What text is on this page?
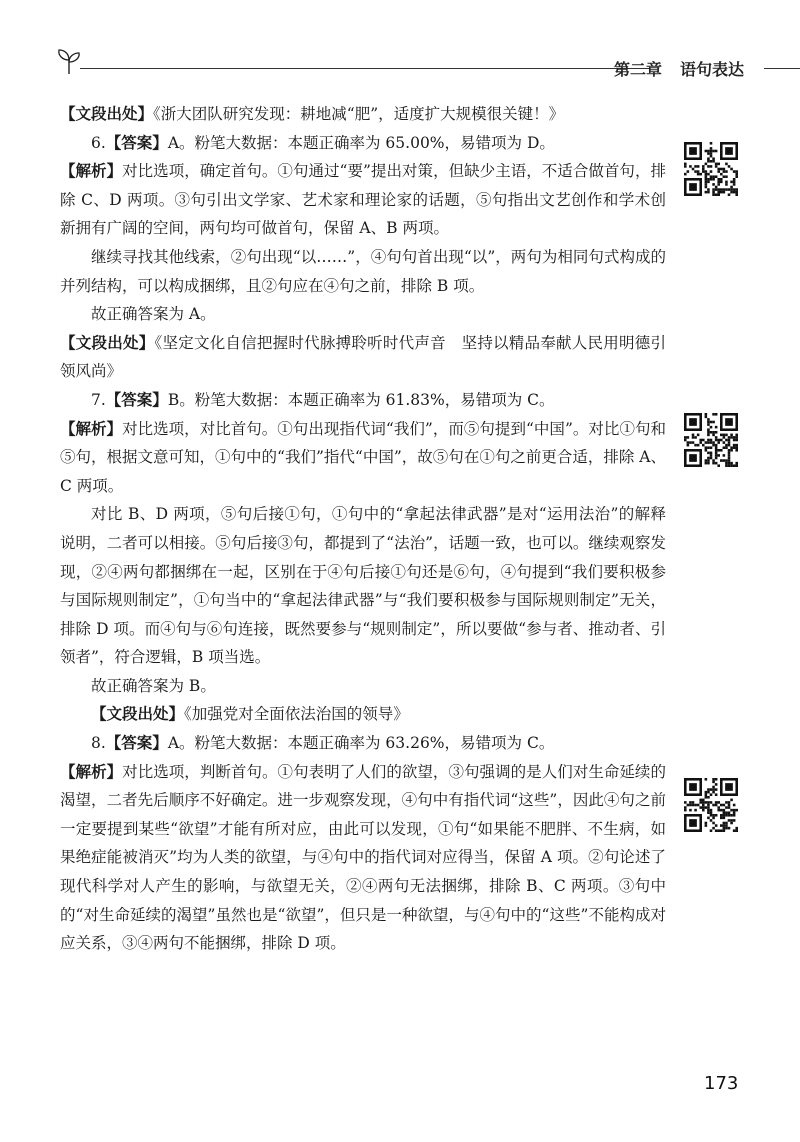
第二章 语句表达

【文段出处】《浙大团队研究发现：耕地减“肥”，适度扩大规模很关键！》

6.【答案】A。粉笔大数据：本题正确率为 65.00%，易错项为 D。

【解析】对比选项，确定首句。①句通过“要”提出对策，但缺少主语，不适合做首句，排除 C、D 两项。③句引出文学家、艺术家和理论家的话题，⑤句指出文艺创作和学术创新拥有广阔的空间，两句均可做首句，保留 A、B 两项。

继续寻找其他线索，②句出现“以……”，④句句首出现“以”，两句为相同句式构成的并列结构，可以构成捆绑，且②句应在④句之前，排除 B 项。

故正确答案为 A。

【文段出处】《坚定文化自信把握时代脉搏聆听时代声音　坚持以精品奉献人民用明德引领风尚》

7.【答案】B。粉笔大数据：本题正确率为 61.83%，易错项为 C。

【解析】对比选项，对比首句。①句出现指代词“我们”，而⑤句提到“中国”。对比①句和⑤句，根据文意可知，①句中的“我们”指代“中国”，故⑤句在①句之前更合适，排除 A、C 两项。

对比 B、D 两项，⑤句后接①句，①句中的“拿起法律武器”是对“运用法治”的解释说明，二者可以相接。⑤句后接③句，都提到了“法治”，话题一致，也可以。继续观察发现，②④两句都捆绑在一起，区别在于④句后接①句还是⑥句，④句提到“我们要积极参与国际规则制定”，①句当中的“拿起法律武器”与“我们要积极参与国际规则制定”无关，排除 D 项。而④句与⑥句连接，既然要参与“规则制定”，所以要做“参与者、推动者、引领者”，符合逻辑，B 项当选。

故正确答案为 B。

【文段出处】《加强党对全面依法治国的领导》

8.【答案】A。粉笔大数据：本题正确率为 63.26%，易错项为 C。

【解析】对比选项，判断首句。①句表明了人们的欲望，③句强调的是人们对生命延续的渴望，二者先后顺序不好确定。进一步观察发现，④句中有指代词“这些”，因此④句之前一定要提到某些“欲望”才能有所对应，由此可以发现，①句“如果能不肥胖、不生病，如果绝症能被消灭”均为人类的欲望，与④句中的指代词对应得当，保留 A 项。②句论述了现代科学对人产生的影响，与欲望无关，②④两句无法捆绑，排除 B、C 两项。③句中的“对生命延续的渴望”虽然也是“欲望”，但只是一种欲望，与④句中的“这些”不能构成对应关系，③④两句不能捆绑，排除 D 项。

173
